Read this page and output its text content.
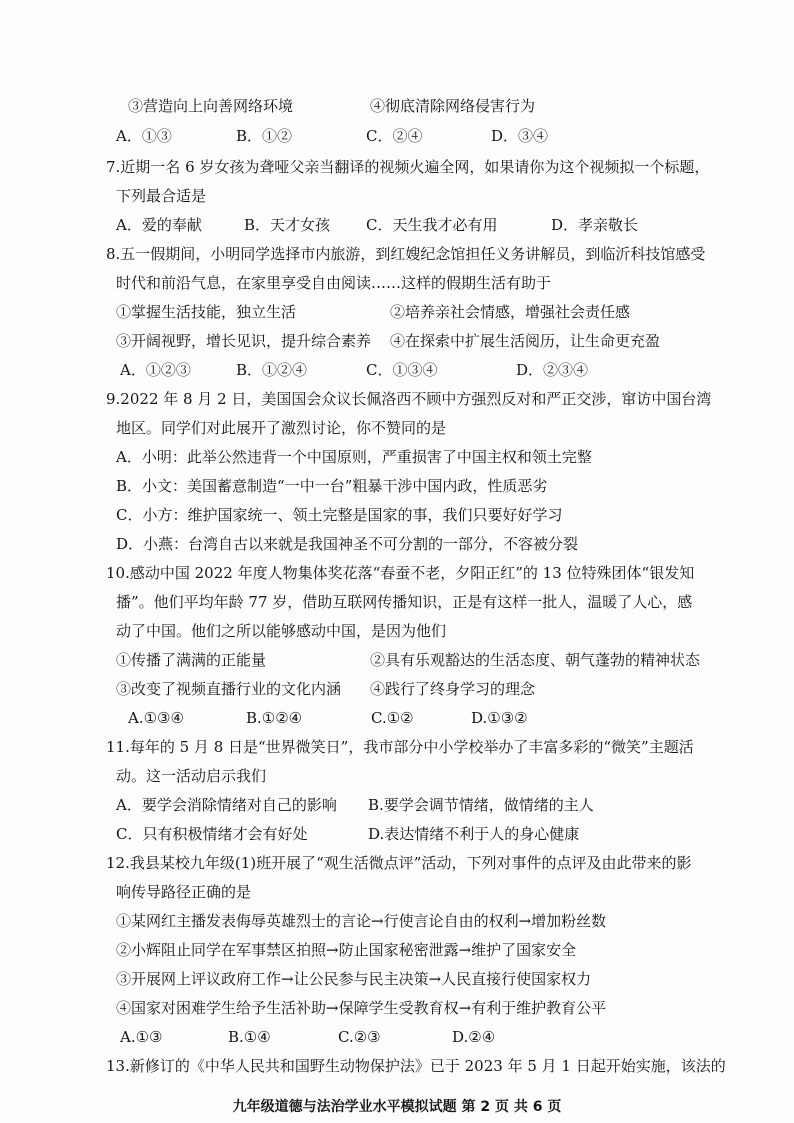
③营造向上向善网络环境	④彻底清除网络侵害行为
A．①③	B．①②	C．②④	D．③④
7.近期一名 6 岁女孩为聋哑父亲当翻译的视频火遍全网，如果请你为这个视频拟一个标题，
下列最合适是
A．爱的奉献	B．天才女孩 C．天生我才必有用	D．孝亲敬长
8.五一假期间，小明同学选择市内旅游，到红嫂纪念馆担任义务讲解员，到临沂科技馆感受
时代和前沿气息，在家里享受自由阅读……这样的假期生活有助于
①掌握生活技能，独立生活	②培养亲社会情感，增强社会责任感
③开阔视野，增长见识，提升综合素养 ④在探索中扩展生活阅历，让生命更充盈
A．①②③	B．①②④	C．①③④	D．②③④
9.2022 年 8 月 2 日，美国国会众议长佩洛西不顾中方强烈反对和严正交涉，窜访中国台湾
地区。同学们对此展开了激烈讨论，你不赞同的是
A．小明：此举公然违背一个中国原则，严重损害了中国主权和领土完整
B．小文：美国蓄意制造“一中一台”粗暴干涉中国内政，性质恶劣
C．小方：维护国家统一、领土完整是国家的事，我们只要好好学习
D．小燕：台湾自古以来就是我国神圣不可分割的一部分，不容被分裂
10.感动中国 2022 年度人物集体奖花落“春蚕不老，夕阳正红”的 13 位特殊团体“银发知
播”。他们平均年龄 77 岁，借助互联网传播知识，正是有这样一批人，温暖了人心，感
动了中国。他们之所以能够感动中国，是因为他们
①传播了满满的正能量	②具有乐观豁达的生活态度、朝气蓬勃的精神状态
③改变了视频直播行业的文化内涵 ④践行了终身学习的理念
A.①③④	B.①②④	C.①②	D.①③②
11.每年的 5 月 8 日是“世界微笑日”，我市部分中小学校举办了丰富多彩的“微笑”主题活
动。这一活动启示我们
A．要学会消除情绪对自己的影响 B.要学会调节情绪，做情绪的主人
C．只有积极情绪才会有好处	D.表达情绪不利于人的身心健康
12.我县某校九年级(1)班开展了“观生活微点评”活动，下列对事件的点评及由此带来的影
响传导路径正确的是
①某网红主播发表侮辱英雄烈士的言论→行使言论自由的权利→增加粉丝数
②小辉阻止同学在军事禁区拍照→防止国家秘密泄露→维护了国家安全
③开展网上评议政府工作→让公民参与民主决策→人民直接行使国家权力
④国家对困难学生给予生活补助→保障学生受教育权→有利于维护教育公平
A.①③	B.①④	C.②③	D.②④
13.新修订的《中华人民共和国野生动物保护法》已于 2023 年 5 月 1 日起开始实施，该法的
九年级道德与法治学业水平模拟试题 第 2 页 共 6 页
